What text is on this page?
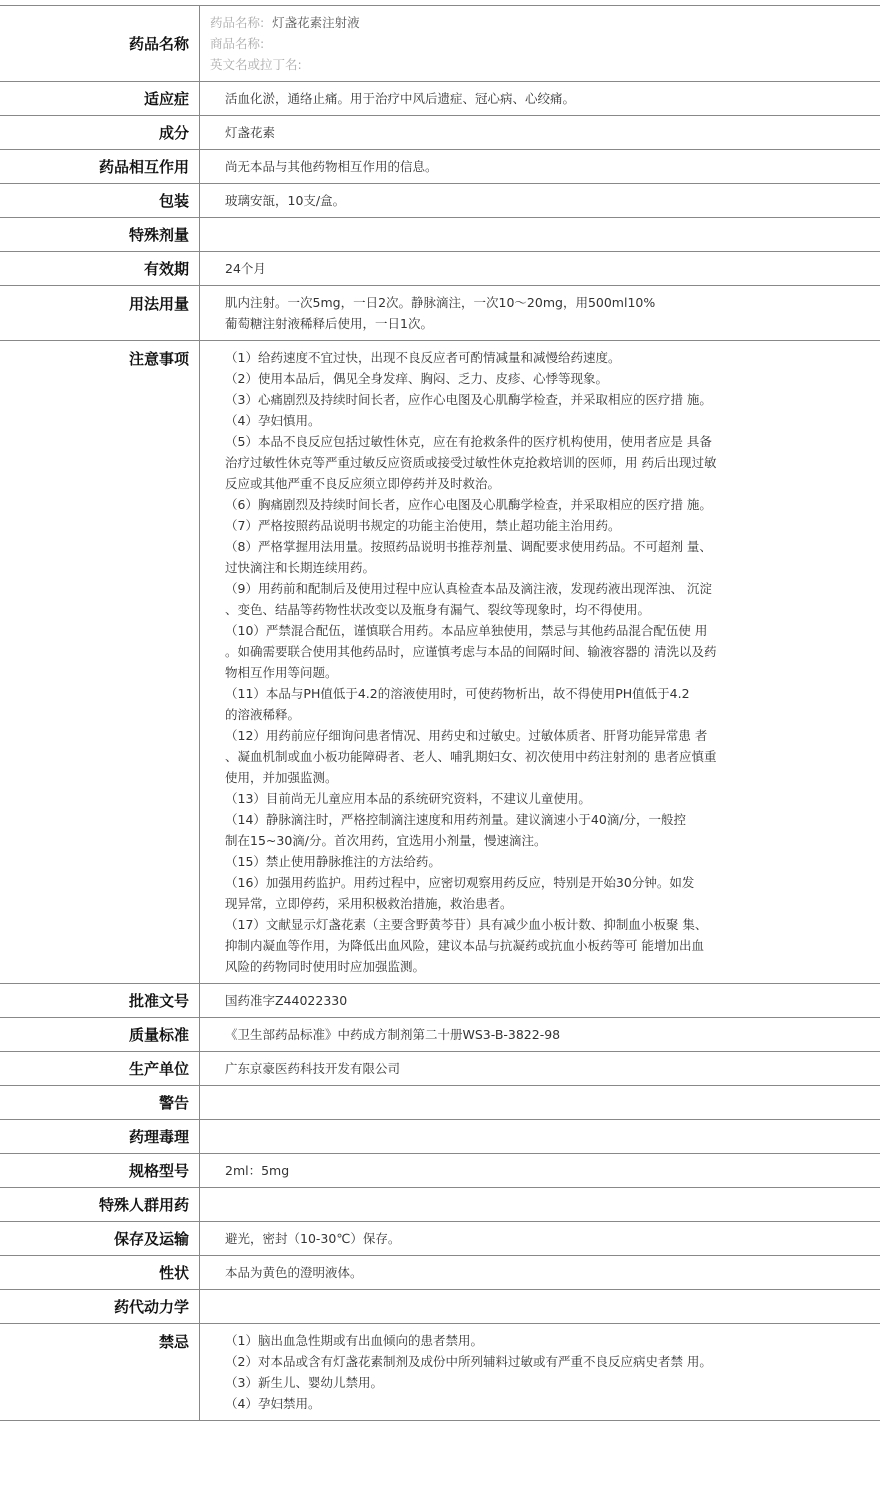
药品名称
药品名称: 灯盏花素注射液
商品名称:
英文名或拉丁名:
适应症	活血化淤，通络止痛。用于治疗中风后遗症、冠心病、心绞痛。
成分	灯盏花素
药品相互作用	尚无本品与其他药物相互作用的信息。
包装	玻璃安瓿，10支/盒。
特殊剂量
有效期	24个月
用法用量	肌内注射。一次5mg，一日2次。静脉滴注，一次10～20mg，用500ml10%
葡萄糖注射液稀释后使用，一日1次。
注意事项	（1）给药速度不宜过快，出现不良反应者可酌情减量和减慢给药速度。
（2）使用本品后，偶见全身发痒、胸闷、乏力、皮疹、心悸等现象。
（3）心痛剧烈及持续时间长者，应作心电图及心肌酶学检查，并采取相应的医疗措 施。
（4）孕妇慎用。
（5）本品不良反应包括过敏性休克，应在有抢救条件的医疗机构使用，使用者应是 具备
治疗过敏性休克等严重过敏反应资质或接受过敏性休克抢救培训的医师，用 药后出现过敏
反应或其他严重不良反应须立即停药并及时救治。
（6）胸痛剧烈及持续时间长者，应作心电图及心肌酶学检查，并采取相应的医疗措 施。
（7）严格按照药品说明书规定的功能主治使用，禁止超功能主治用药。
（8）严格掌握用法用量。按照药品说明书推荐剂量、调配要求使用药品。不可超剂 量、
过快滴注和长期连续用药。
（9）用药前和配制后及使用过程中应认真检查本品及滴注液，发现药液出现浑浊、 沉淀
、变色、结晶等药物性状改变以及瓶身有漏气、裂纹等现象时，均不得使用。
（10）严禁混合配伍，谨慎联合用药。本品应单独使用，禁忌与其他药品混合配伍使 用
。如确需要联合使用其他药品时，应谨慎考虑与本品的间隔时间、输液容器的 清洗以及药
物相互作用等问题。
（11）本品与PH值低于4.2的溶液使用时，可使药物析出，故不得使用PH值低于4.2
的溶液稀释。
（12）用药前应仔细询问患者情况、用药史和过敏史。过敏体质者、肝肾功能异常患 者
、凝血机制或血小板功能障碍者、老人、哺乳期妇女、初次使用中药注射剂的 患者应慎重
使用，并加强监测。
（13）目前尚无儿童应用本品的系统研究资料，不建议儿童使用。
（14）静脉滴注时，严格控制滴注速度和用药剂量。建议滴速小于40滴/分，一般控
制在15~30滴/分。首次用药，宜选用小剂量，慢速滴注。
（15）禁止使用静脉推注的方法给药。
（16）加强用药监护。用药过程中，应密切观察用药反应，特别是开始30分钟。如发
现异常，立即停药，采用积极救治措施，救治患者。
（17）文献显示灯盏花素（主要含野黄芩苷）具有减少血小板计数、抑制血小板聚 集、
抑制内凝血等作用，为降低出血风险，建议本品与抗凝药或抗血小板药等可 能增加出血
风险的药物同时使用时应加强监测。
批准文号	国药准字Z44022330
质量标准	《卫生部药品标准》中药成方制剂第二十册WS3-B-3822-98
生产单位	广东京豪医药科技开发有限公司
警告
药理毒理
规格型号	2ml：5mg
特殊人群用药
保存及运输	避光，密封（10-30℃）保存。
性状	本品为黄色的澄明液体。
药代动力学
禁忌	（1）脑出血急性期或有出血倾向的患者禁用。
（2）对本品或含有灯盏花素制剂及成份中所列辅料过敏或有严重不良反应病史者禁 用。
（3）新生儿、婴幼儿禁用。
（4）孕妇禁用。
